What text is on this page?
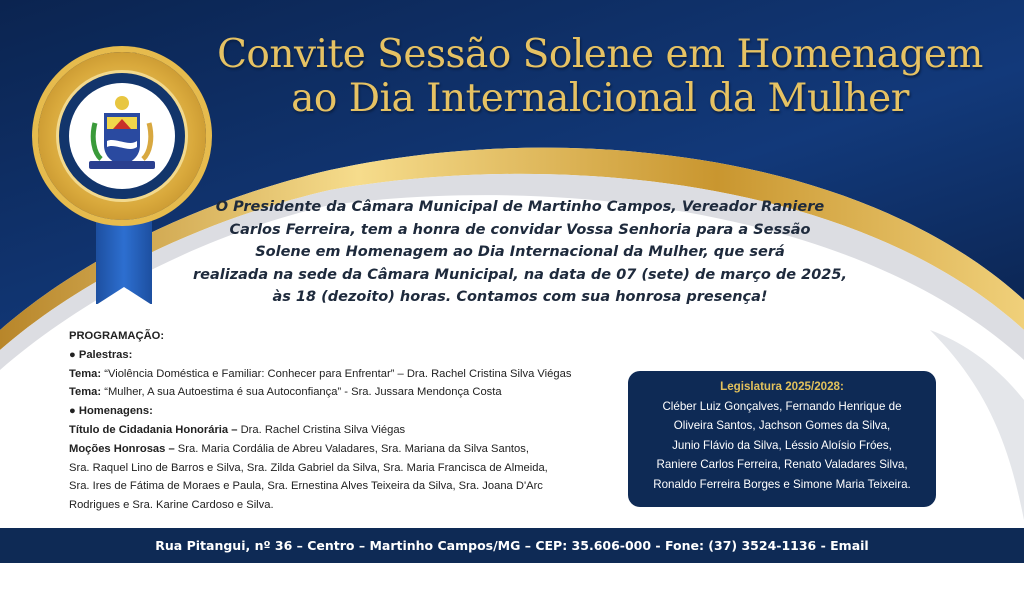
Convite Sessão Solene em Homenagem
ao Dia Internalcional da Mulher
O Presidente da Câmara Municipal de Martinho Campos, Vereador Raniere
Carlos Ferreira, tem a honra de convidar Vossa Senhoria para a Sessão
Solene em Homenagem ao Dia Internacional da Mulher, que será
realizada na sede da Câmara Municipal, na data de 07 (sete) de março de 2025,
às 18 (dezoito) horas. Contamos com sua honrosa presença!
PROGRAMAÇÃO:
● Palestras:
Tema: “Violência Doméstica e Familiar: Conhecer para Enfrentar” – Dra. Rachel Cristina Silva Viégas
Tema: “Mulher, A sua Autoestima é sua Autoconfiança” - Sra. Jussara Mendonça Costa
● Homenagens:
Título de Cidadania Honorária – Dra. Rachel Cristina Silva Viégas
Moções Honrosas – Sra. Maria Cordália de Abreu Valadares, Sra. Mariana da Silva Santos,
Sra. Raquel Lino de Barros e Silva, Sra. Zilda Gabriel da Silva, Sra. Maria Francisca de Almeida,
Sra. Ires de Fátima de Moraes e Paula, Sra. Ernestina Alves Teixeira da Silva, Sra. Joana D'Arc
Rodrigues e Sra. Karine Cardoso e Silva.
Legislatura 2025/2028:
Cléber Luiz Gonçalves, Fernando Henrique de
Oliveira Santos, Jachson Gomes da Silva,
Junio Flávio da Silva, Léssio Aloísio Fróes,
Raniere Carlos Ferreira, Renato Valadares Silva,
Ronaldo Ferreira Borges e Simone Maria Teixeira.
Rua Pitangui, nº 36 – Centro – Martinho Campos/MG – CEP: 35.606-000 - Fone: (37) 3524-1136 - Email camara@camaramcampos.mg.gov.br
